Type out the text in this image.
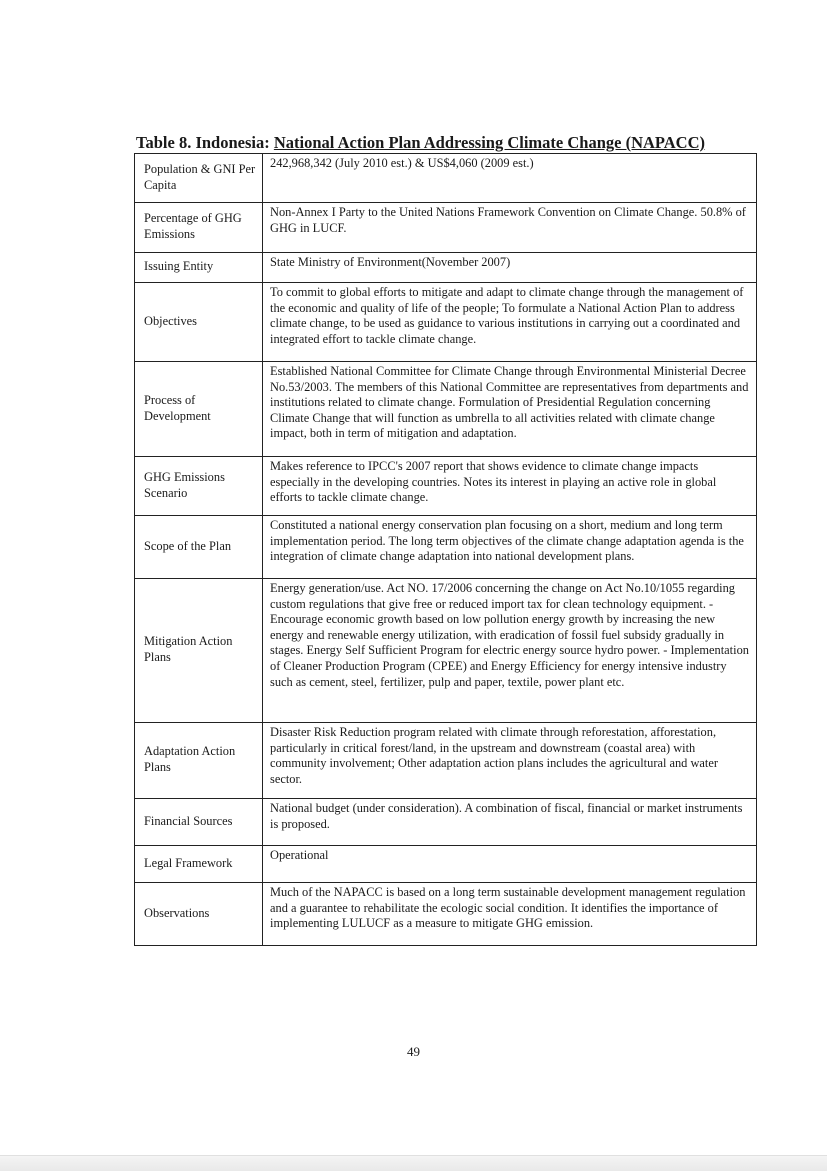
Table 8. Indonesia: National Action Plan Addressing Climate Change (NAPACC)
Population & GNI Per Capita	242,968,342 (July 2010 est.) & US$4,060 (2009 est.)
Percentage of GHG Emissions	Non-Annex I Party to the United Nations Framework Convention on Climate Change. 50.8% of GHG in LUCF.
Issuing Entity	State Ministry of Environment(November 2007)
Objectives	To commit to global efforts to mitigate and adapt to climate change through the management of the economic and quality of life of the people; To formulate a National Action Plan to address climate change, to be used as guidance to various institutions in carrying out a coordinated and integrated effort to tackle climate change.
Process of Development	Established National Committee for Climate Change through Environmental Ministerial Decree No.53/2003. The members of this National Committee are representatives from departments and institutions related to climate change. Formulation of Presidential Regulation concerning Climate Change that will function as umbrella to all activities related with climate change impact, both in term of mitigation and adaptation.
GHG Emissions Scenario	Makes reference to IPCC's 2007 report that shows evidence to climate change impacts especially in the developing countries. Notes its interest in playing an active role in global efforts to tackle climate change.
Scope of the Plan	Constituted a national energy conservation plan focusing on a short, medium and long term implementation period. The long term objectives of the climate change adaptation agenda is the integration of climate change adaptation into national development plans.
Mitigation Action Plans	Energy generation/use. Act NO. 17/2006 concerning the change on Act No.10/1055 regarding custom regulations that give free or reduced import tax for clean technology equipment. - Encourage economic growth based on low pollution energy growth by increasing the new energy and renewable energy utilization, with eradication of fossil fuel subsidy gradually in stages. Energy Self Sufficient Program for electric energy source hydro power. - Implementation of Cleaner Production Program (CPEE) and Energy Efficiency for energy intensive industry such as cement, steel, fertilizer, pulp and paper, textile, power plant etc.
Adaptation Action Plans	Disaster Risk Reduction program related with climate through reforestation, afforestation, particularly in critical forest/land, in the upstream and downstream (coastal area) with community involvement; Other adaptation action plans includes the agricultural and water sector.
Financial Sources	National budget (under consideration). A combination of fiscal, financial or market instruments is proposed.
Legal Framework	Operational
Observations	Much of the NAPACC is based on a long term sustainable development management regulation and a guarantee to rehabilitate the ecologic social condition. It identifies the importance of implementing LULUCF as a measure to mitigate GHG emission.
49
